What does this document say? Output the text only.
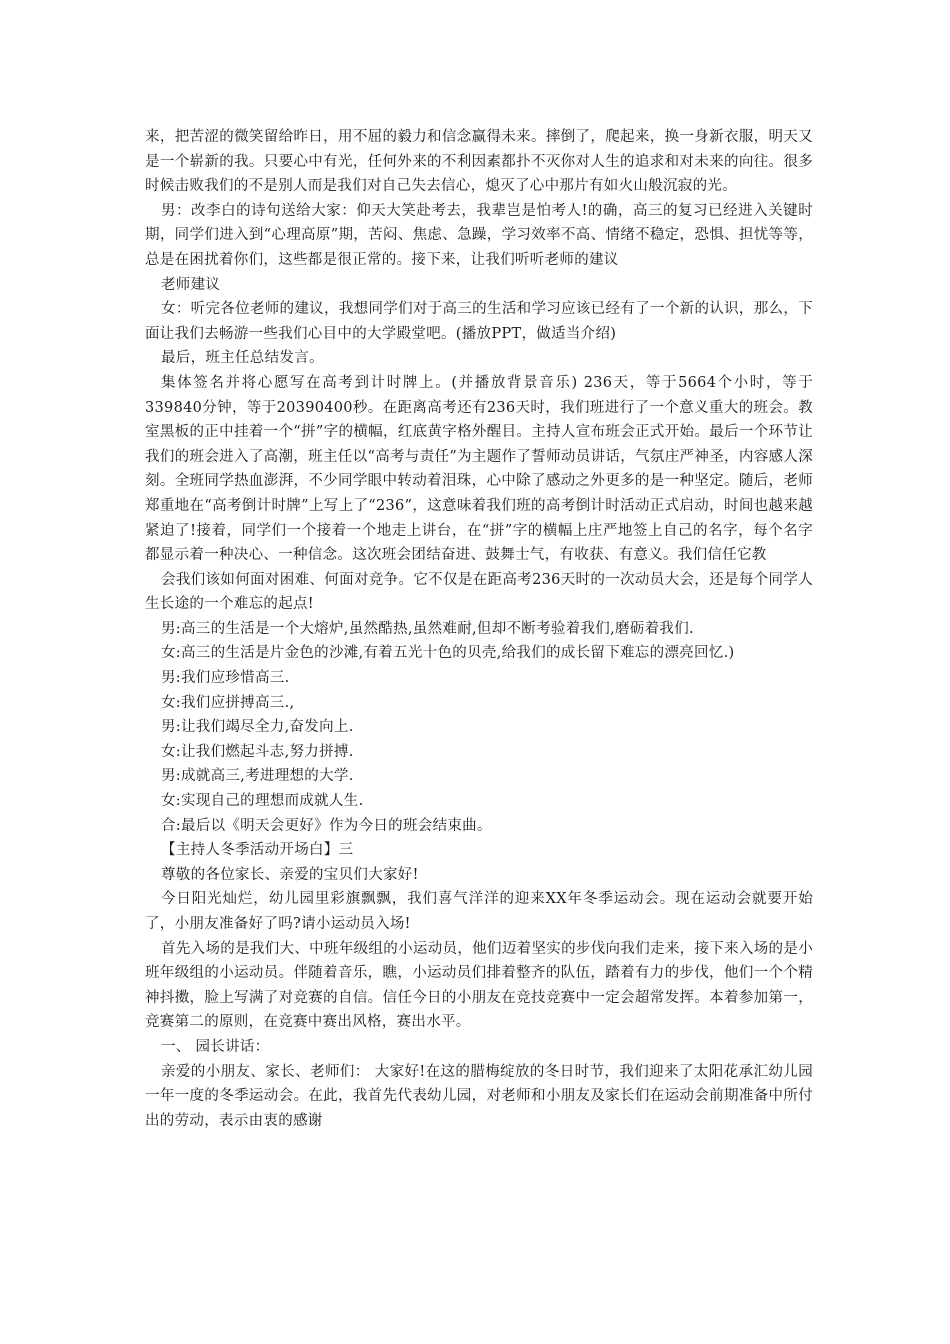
来，把苦涩的微笑留给昨日，用不屈的毅力和信念赢得未来。摔倒了，爬起来，换一身新衣服，明天又是一个崭新的我。只要心中有光，任何外来的不利因素都扑不灭你对人生的追求和对未来的向往。很多时候击败我们的不是别人而是我们对自己失去信心，熄灭了心中那片有如火山般沉寂的光。

男：改李白的诗句送给大家：仰天大笑赴考去，我辈岂是怕考人!的确，高三的复习已经进入关键时期，同学们进入到“心理高原”期，苦闷、焦虑、急躁，学习效率不高、情绪不稳定，恐惧、担忧等等，总是在困扰着你们，这些都是很正常的。接下来，让我们听听老师的建议

老师建议

女：听完各位老师的建议，我想同学们对于高三的生活和学习应该已经有了一个新的认识，那么，下面让我们去畅游一些我们心目中的大学殿堂吧。(播放PPT，做适当介绍)

最后，班主任总结发言。

集体签名并将心愿写在高考到计时牌上。(并播放背景音乐) 236天，等于5664个小时，等于339840分钟，等于20390400秒。在距离高考还有236天时，我们班进行了一个意义重大的班会。教室黑板的正中挂着一个“拼”字的横幅，红底黄字格外醒目。主持人宣布班会正式开始。最后一个环节让我们的班会进入了高潮，班主任以“高考与责任”为主题作了誓师动员讲话，气氛庄严神圣，内容感人深刻。全班同学热血澎湃，不少同学眼中转动着泪珠，心中除了感动之外更多的是一种坚定。随后，老师郑重地在“高考倒计时牌”上写上了“236”，这意味着我们班的高考倒计时活动正式启动，时间也越来越紧迫了!接着，同学们一个接着一个地走上讲台，在“拼”字的横幅上庄严地签上自己的名字，每个名字都显示着一种决心、一种信念。这次班会团结奋进、鼓舞士气，有收获、有意义。我们信任它教

会我们该如何面对困难、何面对竞争。它不仅是在距高考236天时的一次动员大会，还是每个同学人生长途的一个难忘的起点!

男:高三的生活是一个大熔炉,虽然酷热,虽然难耐,但却不断考验着我们,磨砺着我们.

女:高三的生活是片金色的沙滩,有着五光十色的贝壳,给我们的成长留下难忘的漂亮回忆.)

男:我们应珍惜高三.

女:我们应拼搏高三.,

男:让我们竭尽全力,奋发向上.

女:让我们燃起斗志,努力拼搏.

男:成就高三,考进理想的大学.

女:实现自己的理想而成就人生.

合:最后以《明天会更好》作为今日的班会结束曲。

【主持人冬季活动开场白】三

尊敬的各位家长、亲爱的宝贝们大家好!

今日阳光灿烂，幼儿园里彩旗飘飘，我们喜气洋洋的迎来XX年冬季运动会。现在运动会就要开始了，小朋友准备好了吗?请小运动员入场!

首先入场的是我们大、中班年级组的小运动员，他们迈着坚实的步伐向我们走来，接下来入场的是小班年级组的小运动员。伴随着音乐，瞧，小运动员们排着整齐的队伍，踏着有力的步伐，他们一个个精神抖擞，脸上写满了对竞赛的自信。信任今日的小朋友在竞技竞赛中一定会超常发挥。本着参加第一，竞赛第二的原则，在竞赛中赛出风格，赛出水平。

一、 园长讲话：

亲爱的小朋友、家长、老师们： 大家好!在这的腊梅绽放的冬日时节，我们迎来了太阳花承汇幼儿园一年一度的冬季运动会。在此，我首先代表幼儿园，对老师和小朋友及家长们在运动会前期准备中所付出的劳动，表示由衷的感谢
